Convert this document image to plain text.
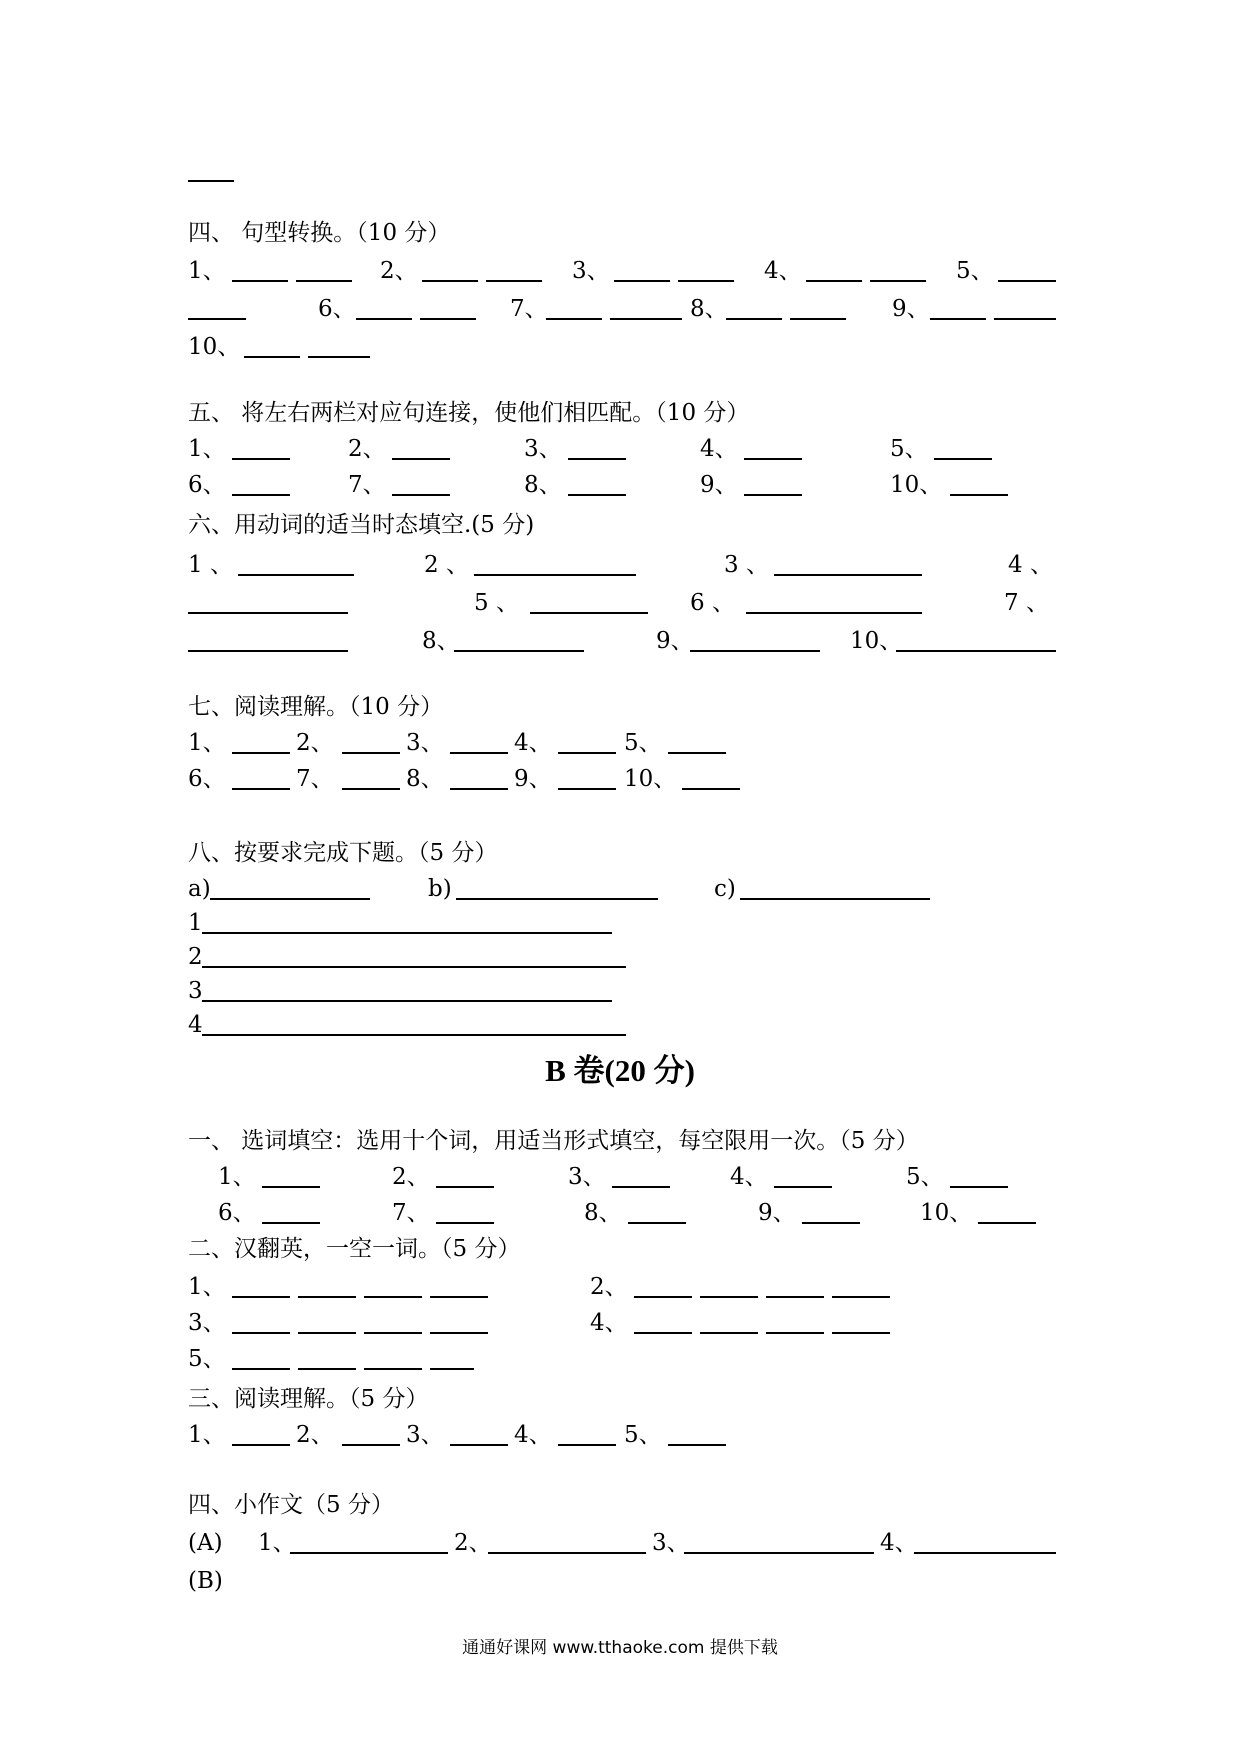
四、 句型转换。（10 分）
1、	2、	3、	4、	5、
6、	7、	8、	9、
10、
五、 将左右两栏对应句连接，使他们相匹配。（10 分）
1、	2、	3、	4、	5、
6、	7、	8、	9、	10、
六、用动词的适当时态填空.(5 分)
1 、	2 、	3 、	4 、
5 、	6 、	7 、
8、	9、	10、
七、阅读理解。（10 分）
1、	2、	3、	4、	5、
6、	7、	8、	9、	10、
八、按要求完成下题。（5 分）
a)	b)	c)
1
2
3
4
B 卷(20 分)
一、 选词填空：选用十个词，用适当形式填空，每空限用一次。（5 分）
1、	2、	3、	4、	5、
6、	7、	8、	9、	10、
二、汉翻英，一空一词。（5 分）
1、	2、
3、	4、
5、
三、阅读理解。（5 分）
1、	2、	3、	4、	5、
四、小作文（5 分）
(A) 1、	2、	3、	4、
(B)
通通好课网 www.tthaoke.com 提供下载
